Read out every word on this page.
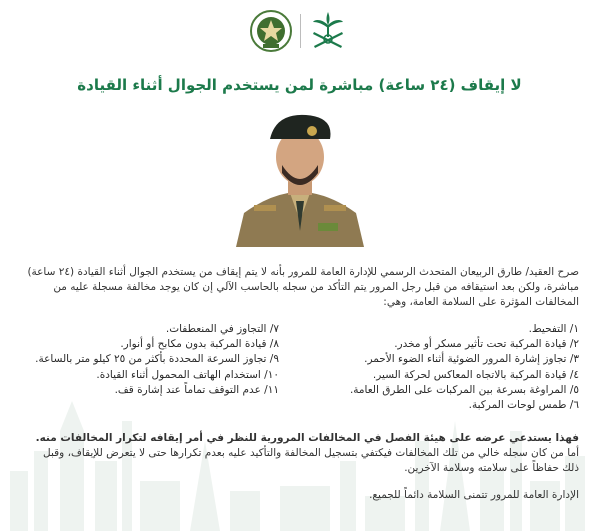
لا إيقاف (٢٤ ساعة) مباشرة لمن يستخدم الجوال أثناء القيادة
صرح العقيد/ طارق الربيعان المتحدث الرسمي للإدارة العامة للمرور بأنه لا يتم إيقاف من يستخدم الجوال أثناء القيادة (٢٤ ساعة)
مباشرة، ولكن بعد استيقافه من قبل رجل المرور يتم التأكد من سجله بالحاسب الآلي إن كان يوجد مخالفة مسجلة عليه من
المخالفات المؤثرة على السلامة العامة، وهي:
١/ التفحيط.
٢/ قيادة المركبة تحت تأثير مسكر أو مخدر.
٣/ تجاوز إشارة المرور الضوئية أثناء الضوء الأحمر.
٤/ قيادة المركبة بالاتجاه المعاكس لحركة السير.
٥/ المراوغة بسرعة بين المركبات على الطرق العامة.
٦/ طمس لوحات المركبة.
٧/ التجاوز في المنعطفات.
٨/ قيادة المركبة بدون مكابح أو أنوار.
٩/ تجاوز السرعة المحددة بأكثر من ٢٥ كيلو متر بالساعة.
١٠/ استخدام الهاتف المحمول أثناء القيادة.
١١/ عدم التوقف تماماً عند إشارة قف.

فهذا يستدعي عرضه على هيئة الفصل في المخالفات المرورية للنظر في أمر إيقافه لتكرار المخالفات منه.

أما من كان سجله خالي من تلك المخالفات فيكتفي بتسجيل المخالفة والتأكيد عليه بعدم تكرارها حتى لا يتعرض للإيقاف، وقبل

ذلك حفاظاً على سلامته وسلامة الآخرين.

الإدارة العامة للمرور تتمنى السلامة دائماً للجميع.
